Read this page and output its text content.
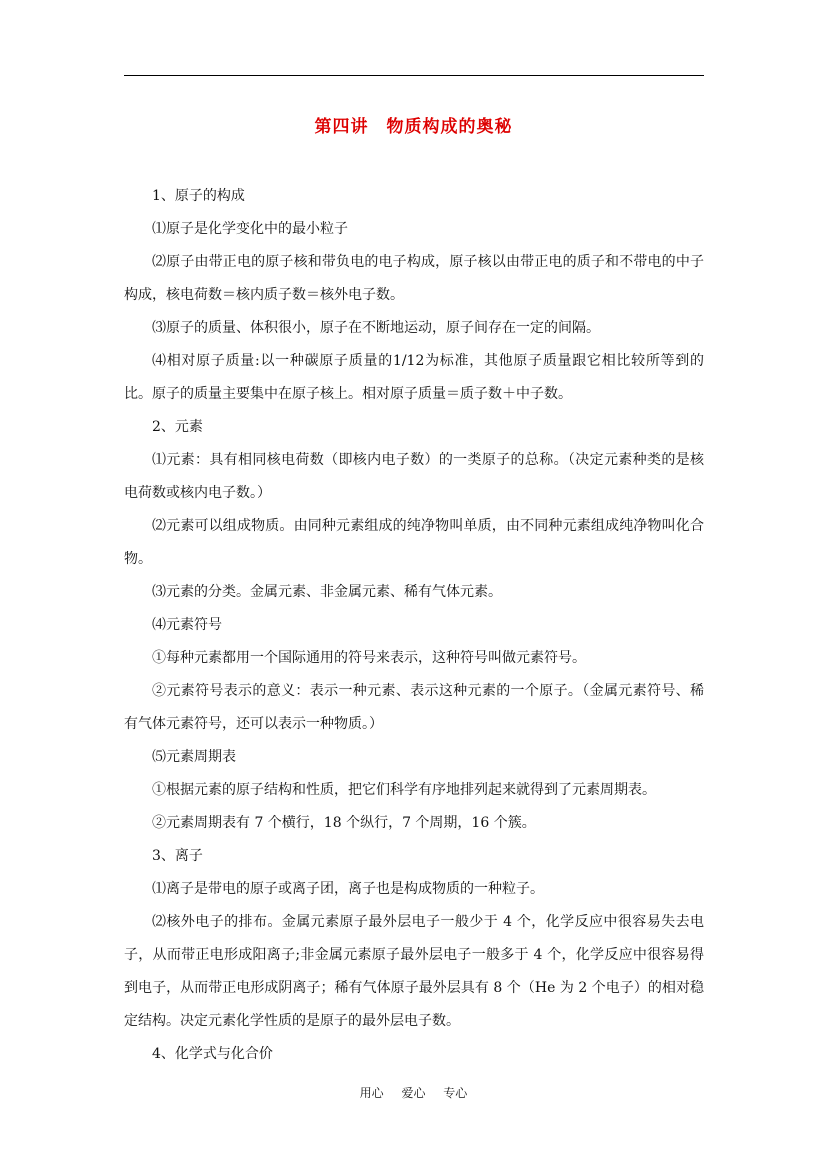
第四讲　物质构成的奥秘

1、原子的构成

⑴原子是化学变化中的最小粒子

⑵原子由带正电的原子核和带负电的电子构成，原子核以由带正电的质子和不带电的中子构成，核电荷数＝核内质子数＝核外电子数。

⑶原子的质量、体积很小，原子在不断地运动，原子间存在一定的间隔。

⑷相对原子质量:以一种碳原子质量的1/12为标准，其他原子质量跟它相比较所等到的比。原子的质量主要集中在原子核上。相对原子质量＝质子数＋中子数。

2、元素

⑴元素：具有相同核电荷数（即核内电子数）的一类原子的总称。（决定元素种类的是核电荷数或核内电子数。）

⑵元素可以组成物质。由同种元素组成的纯净物叫单质，由不同种元素组成纯净物叫化合物。

⑶元素的分类。金属元素、非金属元素、稀有气体元素。

⑷元素符号

①每种元素都用一个国际通用的符号来表示，这种符号叫做元素符号。

②元素符号表示的意义：表示一种元素、表示这种元素的一个原子。（金属元素符号、稀有气体元素符号，还可以表示一种物质。）

⑸元素周期表

①根据元素的原子结构和性质，把它们科学有序地排列起来就得到了元素周期表。

②元素周期表有 7 个横行，18 个纵行，7 个周期，16 个簇。

3、离子

⑴离子是带电的原子或离子团，离子也是构成物质的一种粒子。

⑵核外电子的排布。金属元素原子最外层电子一般少于 4 个，化学反应中很容易失去电子，从而带正电形成阳离子;非金属元素原子最外层电子一般多于 4 个，化学反应中很容易得到电子，从而带正电形成阴离子；稀有气体原子最外层具有 8 个（He 为 2 个电子）的相对稳定结构。决定元素化学性质的是原子的最外层电子数。

4、化学式与化合价

用心 爱心 专心
